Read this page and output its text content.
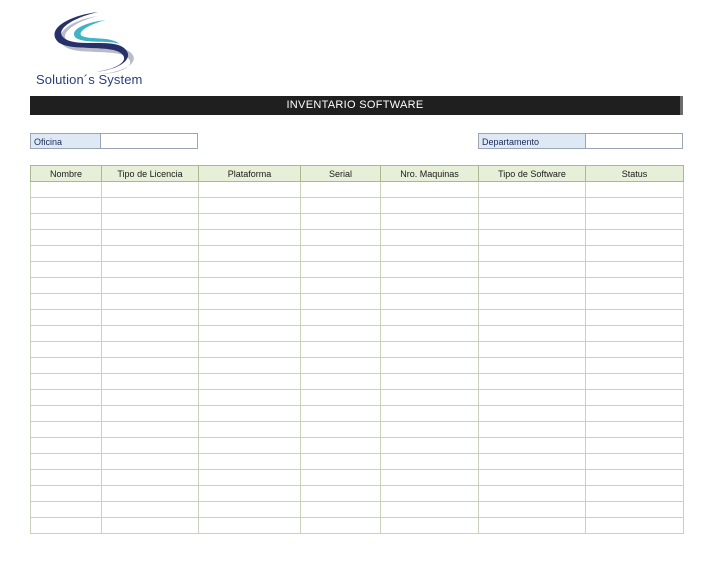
Solution´s System
INVENTARIO SOFTWARE
Oficina	Departamento
Nombre	Tipo de Licencia	Plataforma	Serial	Nro. Maquinas	Tipo de Software	Status
